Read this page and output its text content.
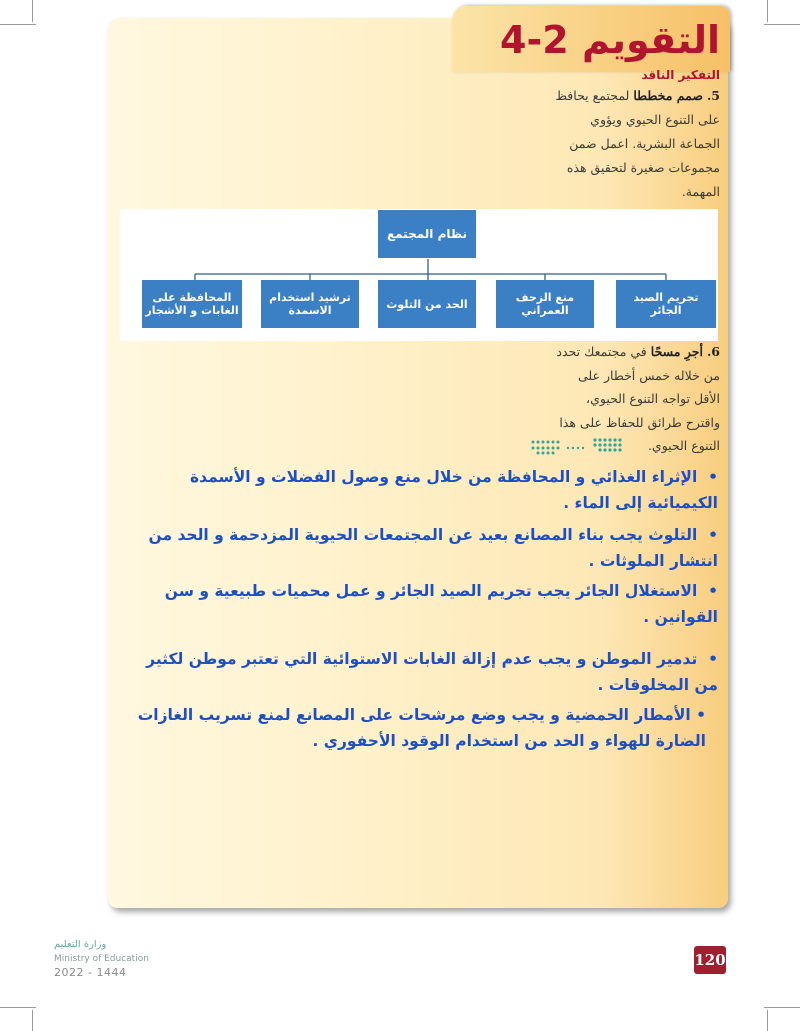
التقويم 2-4
التفكير الناقد
5. صمم مخططا لمجتمع يحافظ
على التنوع الحيوي ويؤوي
الجماعة البشرية. اعمل ضمن
مجموعات صغيرة لتحقيق هذه
المهمة.
نظام المجتمع
تجريم الصيد الجائر
منع الزحف العمراني
الحد من التلوث
ترشيد استخدام الاسمدة
المحافظة على الغابات و الأشجار
6. أجرِ مسحًا في مجتمعك تحدد
من خلاله خمس أخطار على
الأقل تواجه التنوع الحيوي،
واقترح طرائق للحفاظ على هذا
التنوع الحيوي.
•  الإثراء الغذائي و المحافظة من خلال منع وصول الفضلات و الأسمدة الكيميائية إلى الماء .
•  التلوث يجب بناء المصانع بعيد عن المجتمعات الحيوية المزدحمة و الحد من انتشار الملوثات .
•  الاستغلال الجائر يجب تجريم الصيد الجائر و عمل محميات طبيعية و سن القوانين .
•  تدمير الموطن و يجب عدم إزالة الغابات الاستوائية التي تعتبر موطن لكثير من المخلوقات .
• الأمطار الحمضية و يجب وضع مرشحات على المصانع لمنع تسريب الغازات الضارة للهواء و الحد من استخدام الوقود الأحفوري .
وزارة التعليم
Ministry of Education
2022 - 1444
120
